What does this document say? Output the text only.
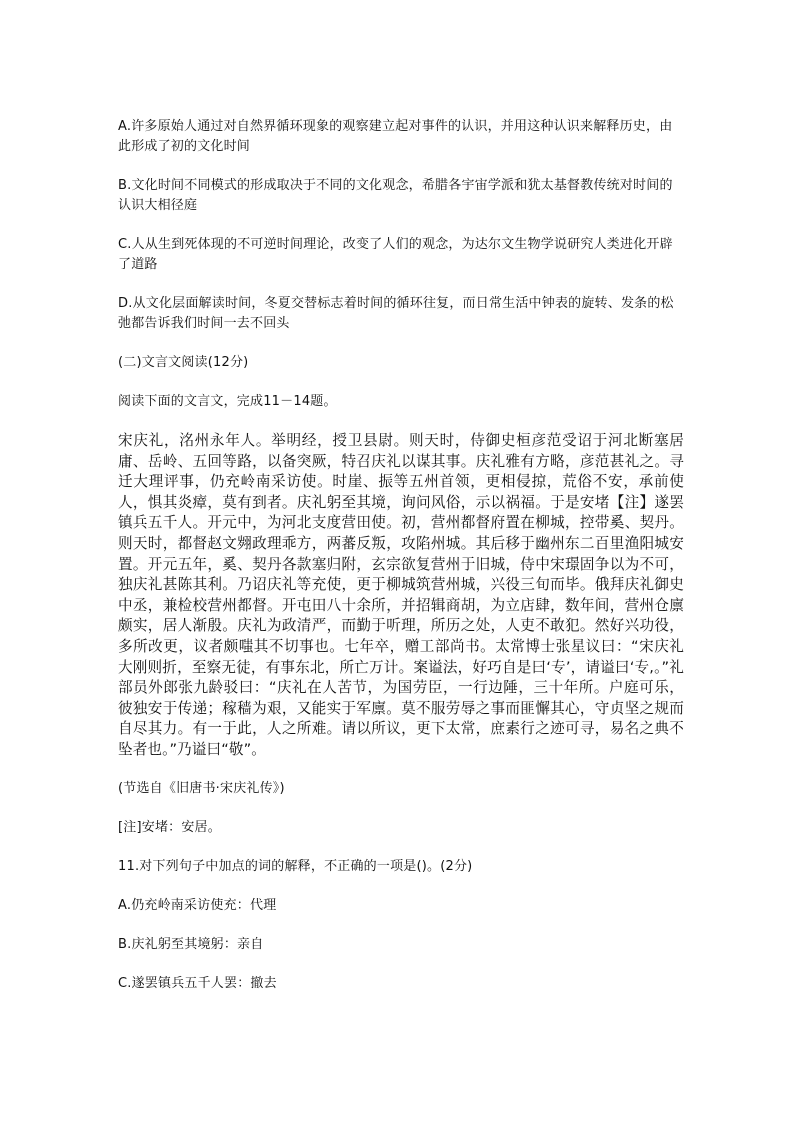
A.许多原始人通过对自然界循环现象的观察建立起对事件的认识，并用这种认识来解释历史，由此形成了初的文化时间

B.文化时间不同模式的形成取决于不同的文化观念，希腊各宇宙学派和犹太基督教传统对时间的认识大相径庭

C.人从生到死体现的不可逆时间理论，改变了人们的观念，为达尔文生物学说研究人类进化开辟了道路

D.从文化层面解读时间，冬夏交替标志着时间的循环往复，而日常生活中钟表的旋转、发条的松弛都告诉我们时间一去不回头

(二)文言文阅读(12分)

阅读下面的文言文，完成11－14题。

宋庆礼，洺州永年人。举明经，授卫县尉。则天时，侍御史桓彦范受诏于河北断塞居庸、岳岭、五回等路，以备突厥，特召庆礼以谋其事。庆礼雅有方略，彦范甚礼之。寻迁大理评事，仍充岭南采访使。时崖、振等五州首领，更相侵掠，荒俗不安，承前使人，惧其炎瘴，莫有到者。庆礼躬至其境，询问风俗，示以祸福。于是安堵【注】遂罢镇兵五千人。开元中，为河北支度营田使。初，营州都督府置在柳城，控带奚、契丹。则天时，都督赵文翙政理乖方，两蕃反叛，攻陷州城。其后移于幽州东二百里渔阳城安置。开元五年，奚、契丹各款塞归附，玄宗欲复营州于旧城，侍中宋璟固争以为不可，独庆礼甚陈其利。乃诏庆礼等充使，更于柳城筑营州城，兴役三旬而毕。俄拜庆礼御史中丞，兼检校营州都督。开屯田八十余所，并招辑商胡，为立店肆，数年间，营州仓廪颇实，居人渐殷。庆礼为政清严，而勤于听理，所历之处，人吏不敢犯。然好兴功役，多所改更，议者颇嗤其不切事也。七年卒，赠工部尚书。太常博士张星议曰：“宋庆礼大刚则折，至察无徒，有事东北，所亡万计。案谥法，好巧自是曰‘专’，请谥曰‘专,。”礼部员外郎张九龄驳曰：“庆礼在人苦节，为国劳臣，一行边陲，三十年所。户庭可乐，彼独安于传递；稼穑为艰，又能实于军廪。莫不服劳辱之事而匪懈其心，守贞坚之规而自尽其力。有一于此，人之所难。请以所议，更下太常，庶素行之迹可寻，易名之典不坠者也。”乃谥曰“敬”。

(节选自《旧唐书·宋庆礼传》)

[注]安堵：安居。

11.对下列句子中加点的词的解释，不正确的一项是()。(2分)

A.仍充岭南采访使充：代理

B.庆礼躬至其境躬：亲自

C.遂罢镇兵五千人罢：撤去
